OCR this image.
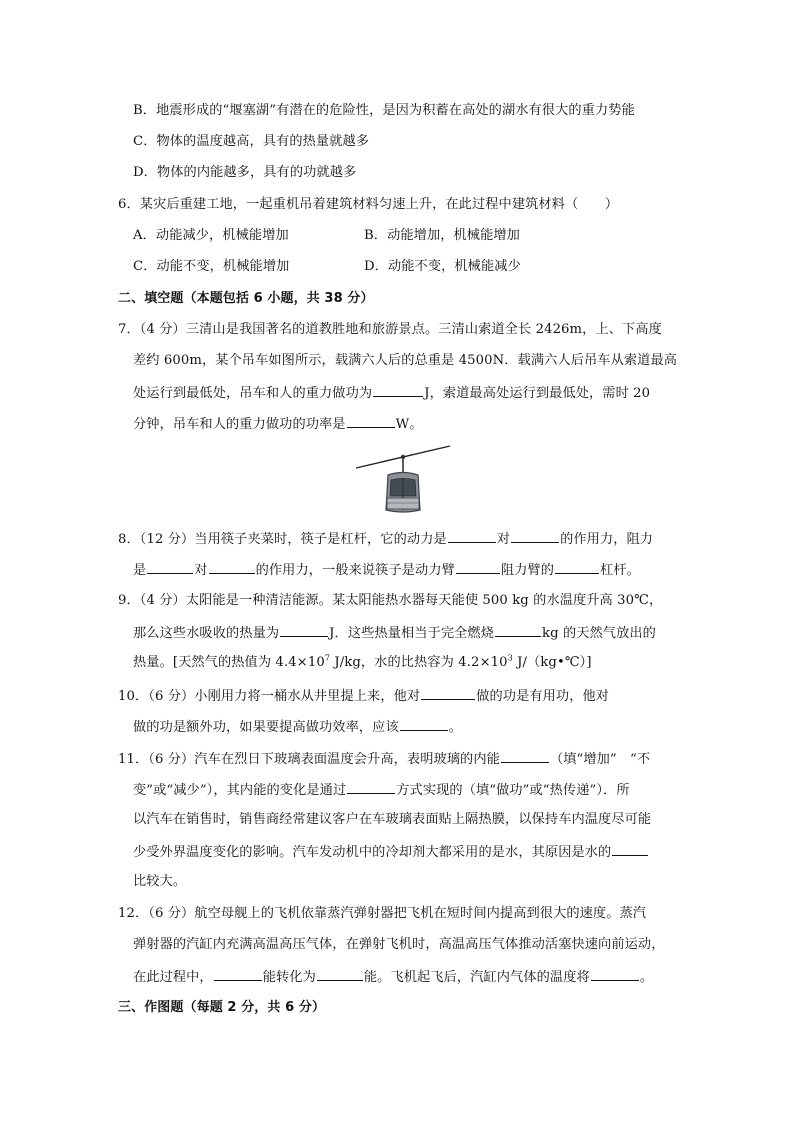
B．地震形成的“堰塞湖”有潜在的危险性，是因为积蓄在高处的湖水有很大的重力势能
C．物体的温度越高，具有的热量就越多
D．物体的内能越多，具有的功就越多
6．某灾后重建工地，一起重机吊着建筑材料匀速上升，在此过程中建筑材料（　　）
A．动能减少，机械能增加	B．动能增加，机械能增加
C．动能不变，机械能增加	D．动能不变，机械能减少
二、填空题（本题包括 6 小题，共 38 分）
7．（4 分）三清山是我国著名的道教胜地和旅游景点。三清山索道全长 2426m，上、下高度
差约 600m，某个吊车如图所示，载满六人后的总重是 4500N．载满六人后吊车从索道最高
处运行到最低处，吊车和人的重力做功为	J，索道最高处运行到最低处，需时 20
分钟，吊车和人的重力做功的功率是	W。
8．（12 分）当用筷子夹菜时，筷子是杠杆，它的动力是	对	的作用力，阻力
是	对	的作用力，一般来说筷子是动力臂	阻力臂的	杠杆。
9．（4 分）太阳能是一种清洁能源。某太阳能热水器每天能使 500 kg 的水温度升高 30℃，
那么这些水吸收的热量为	J．这些热量相当于完全燃烧	kg 的天然气放出的
热量。[天然气的热值为 $4.4\times 10^7$ J/kg，水的比热容为 $4.2\times 10^3$ J/（kg•℃）]
10．（6 分）小刚用力将一桶水从井里提上来，他对	做的功是有用功，他对
做的功是额外功，如果要提高做功效率，应该	。
11．（6 分）汽车在烈日下玻璃表面温度会升高，表明玻璃的内能	（填“增加”　“不
变”或“减少”），其内能的变化是通过	方式实现的（填“做功”或“热传递”）．所
以汽车在销售时，销售商经常建议客户在车玻璃表面贴上隔热膜，以保持车内温度尽可能
少受外界温度变化的影响。汽车发动机中的冷却剂大都采用的是水，其原因是水的
比较大。
12．（6 分）航空母舰上的飞机依靠蒸汽弹射器把飞机在短时间内提高到很大的速度。蒸汽
弹射器的汽缸内充满高温高压气体，在弹射飞机时，高温高压气体推动活塞快速向前运动，
在此过程中，	能转化为	能。飞机起飞后，汽缸内气体的温度将	。
三、作图题（每题 2 分，共 6 分）
